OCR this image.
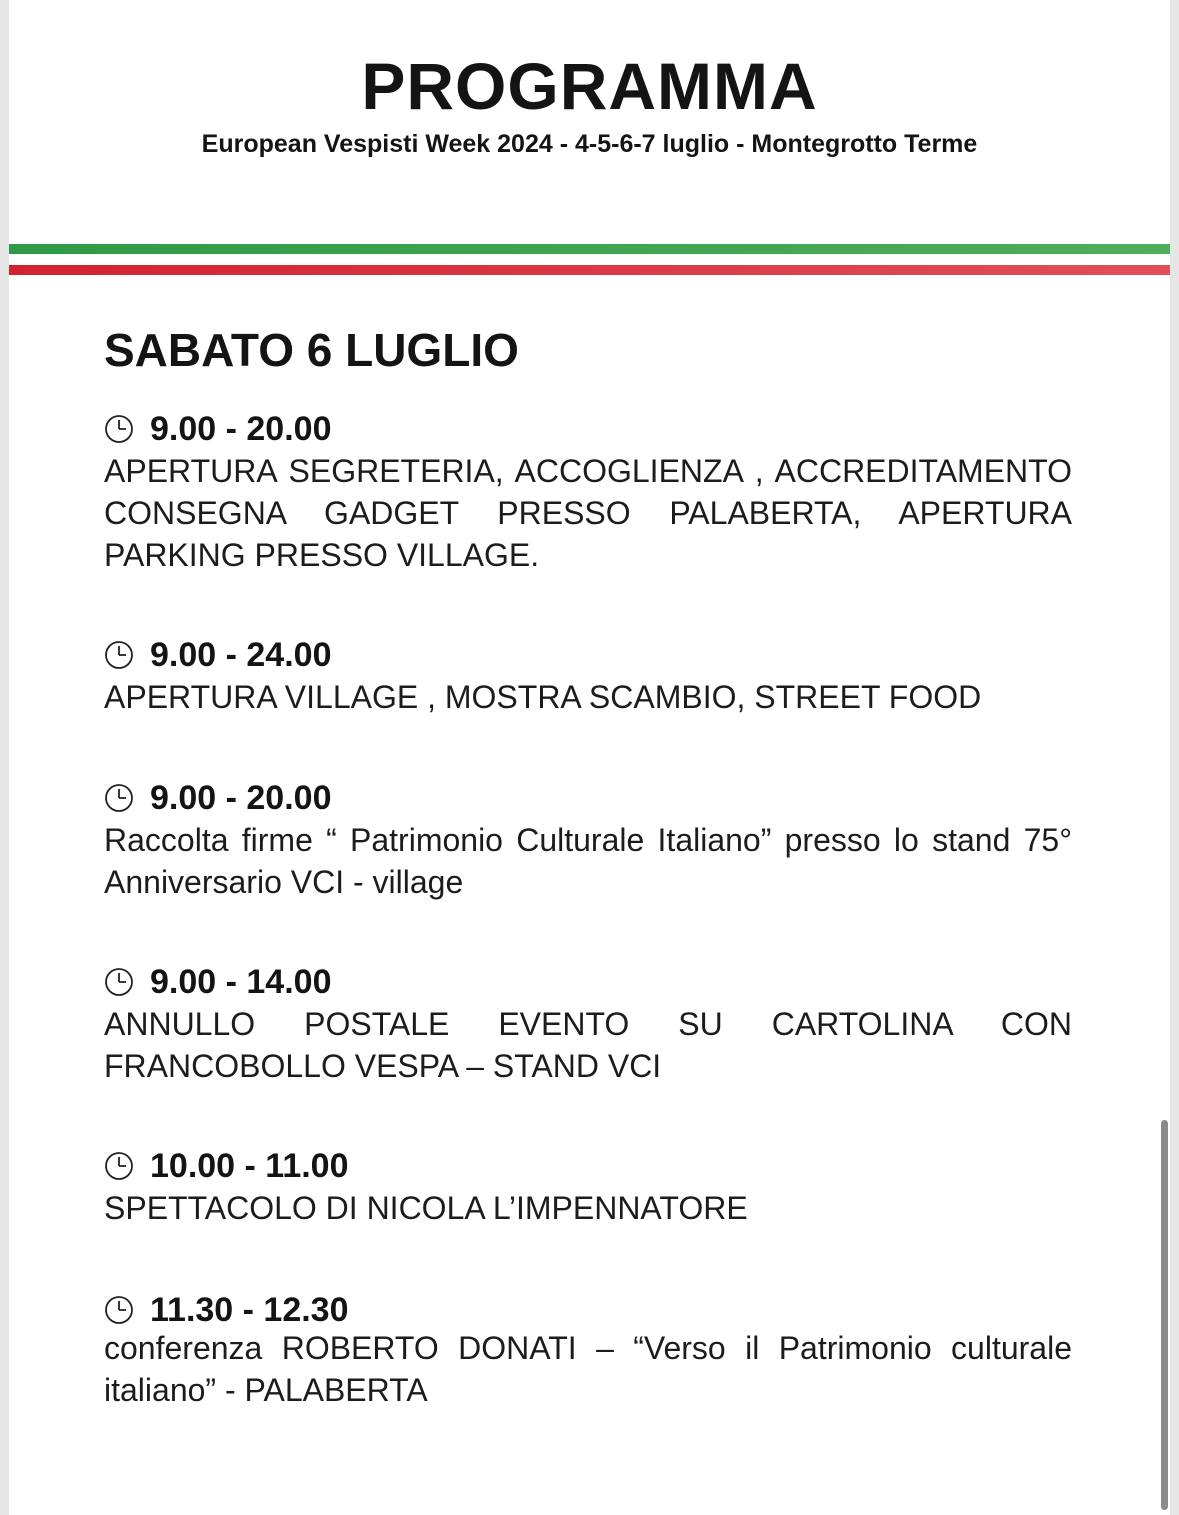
PROGRAMMA

European Vespisti Week 2024 - 4-5-6-7 luglio - Montegrotto Terme

SABATO 6 LUGLIO
9.00 - 20.00

APERTURA SEGRETERIA, ACCOGLIENZA , ACCREDITAMENTO CONSEGNA GADGET PRESSO PALABERTA, APERTURA PARKING PRESSO VILLAGE.

9.00 - 24.00

APERTURA VILLAGE , MOSTRA SCAMBIO, STREET FOOD

9.00 - 20.00

Raccolta firme “ Patrimonio Culturale Italiano” presso lo stand 75° Anniversario VCI - village

9.00 - 14.00

ANNULLO POSTALE EVENTO SU CARTOLINA CON FRANCOBOLLO VESPA – STAND VCI

10.00 - 11.00

SPETTACOLO DI NICOLA L’IMPENNATORE

11.30 - 12.30

conferenza ROBERTO DONATI – “Verso il Patrimonio culturale italiano” - PALABERTA
